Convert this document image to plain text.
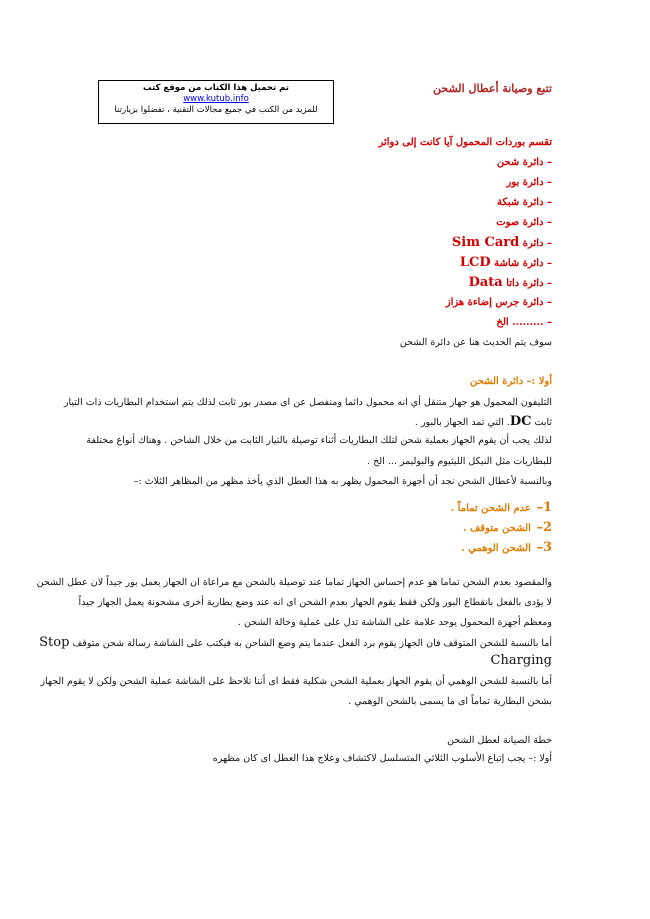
تم تحميل هذا الكتاب من موقع كتب
www.kutub.info
للمزيد من الكتب في جميع مجالات التقنية ، تفضلوا بزيارتنا
تتبع وصيانة أعطال الشحن
تقسم بوردات المحمول آيا كانت إلى دوائر
– دائرة شحن
– دائرة بور
– دائرة شبكة
– دائرة صوت
– دائرة Sim Card
– دائرة شاشة LCD
– دائرة داتا Data
– دائرة جرس إضاءة هزاز
– ......... الخ
سوف يتم الحديث هنا عن دائرة الشحن
أولا :– دائرة الشحن
التليفون المحمول هو جهاز متنقل أي انه محمول دائما ومنفصل عن اى مصدر بور ثابت لذلك يتم استخدام البطاريات ذات التيار
ثابت DC. التي تمد الجهاز بالبور .
لذلك يجب أن يقوم الجهاز بعملية شحن لتلك البطاريات أثناء توصيلة بالتيار الثابت من خلال الشاحن . وهناك أنواع مختلفة
للبطاريات مثل النيكل الليثيوم والبوليمر ... الخ .
وبالنسبة لأعطال الشحن نجد أن أجهزة المحمول يظهر به هذا العطل الذي يأخذ مظهر من المظاهر الثلاث :–
1– عدم الشحن تماماً .
2– الشحن متوقف .
3– الشحن الوهمي .
والمقصود بعدم الشحن تماما هو عدم إحساس الجهاز تماما عند توصيلة بالشحن مع مراعاة ان الجهاز يعمل بور جيداً لان عطل الشحن
لا يؤدى بالفعل بانقطاع البور ولكن فقط يقوم الجهاز بعدم الشحن اى انه عند وضع بطارية أخرى مشحونة يعمل الجهاز جيداً
ومعظم أجهزة المحمول يوجد علامة على الشاشة تدل على عملية وحالة الشحن .
أما بالنسبة للشحن المتوقف فان الجهاز يقوم برد الفعل عندما يتم وضع الشاحن به فيكتب على الشاشة رسالة شحن متوقف Stop
Charging
أما بالنسبة للشحن الوهمي أن يقوم الجهاز بعملية الشحن شكلية فقط اى أننا نلاحظ على الشاشة عملية الشحن ولكن لا يقوم الجهاز
بشحن البطارية تماماً اى ما يسمى بالشحن الوهمي .
خطة الصيانة لعطل الشحن
أولا :– يجب إتباع الأسلوب الثلاثي المتسلسل لاكتشاف وعلاج هذا العطل اى كان مظهره
